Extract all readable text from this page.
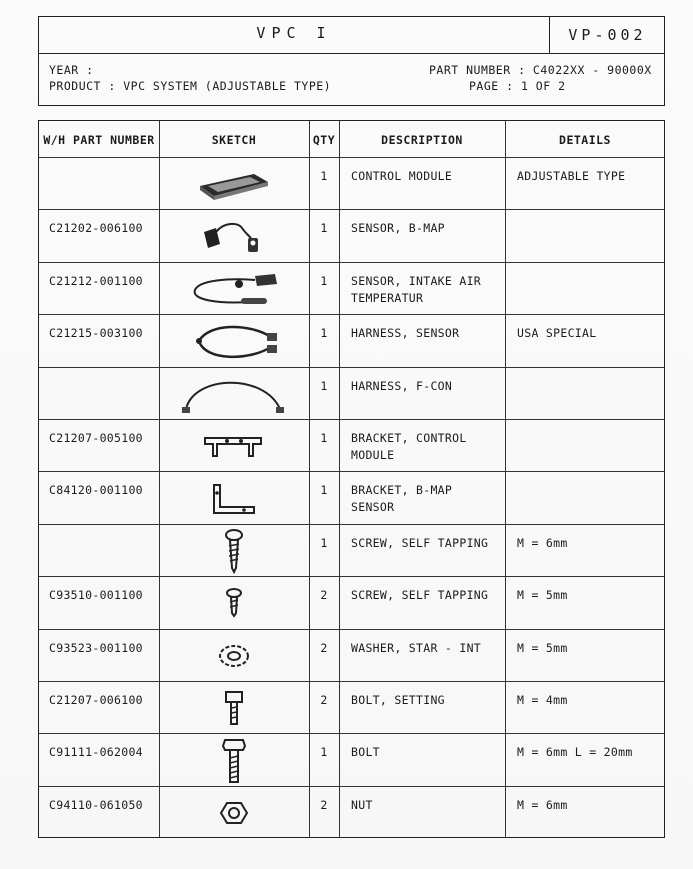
VPC I	VP-002
YEAR :
PRODUCT : VPC SYSTEM (ADJUSTABLE TYPE)
PART NUMBER : C4022XX - 90000X
PAGE : 1 OF 2
W/H PART NUMBER	SKETCH	QTY	DESCRIPTION	DETAILS
1	CONTROL MODULE	ADJUSTABLE TYPE
C21202-006100	1	SENSOR, B-MAP
C21212-001100	1	SENSOR, INTAKE AIR
TEMPERATUR
C21215-003100	1	HARNESS, SENSOR	USA SPECIAL
1	HARNESS, F-CON
C21207-005100	1	BRACKET, CONTROL
MODULE
C84120-001100	1	BRACKET, B-MAP
SENSOR
1	SCREW, SELF TAPPING	M = 6mm
C93510-001100	2	SCREW, SELF TAPPING	M = 5mm
C93523-001100	2	WASHER, STAR - INT	M = 5mm
C21207-006100	2	BOLT, SETTING	M = 4mm
C91111-062004	1	BOLT	M = 6mm L = 20mm
C94110-061050	2	NUT	M = 6mm
